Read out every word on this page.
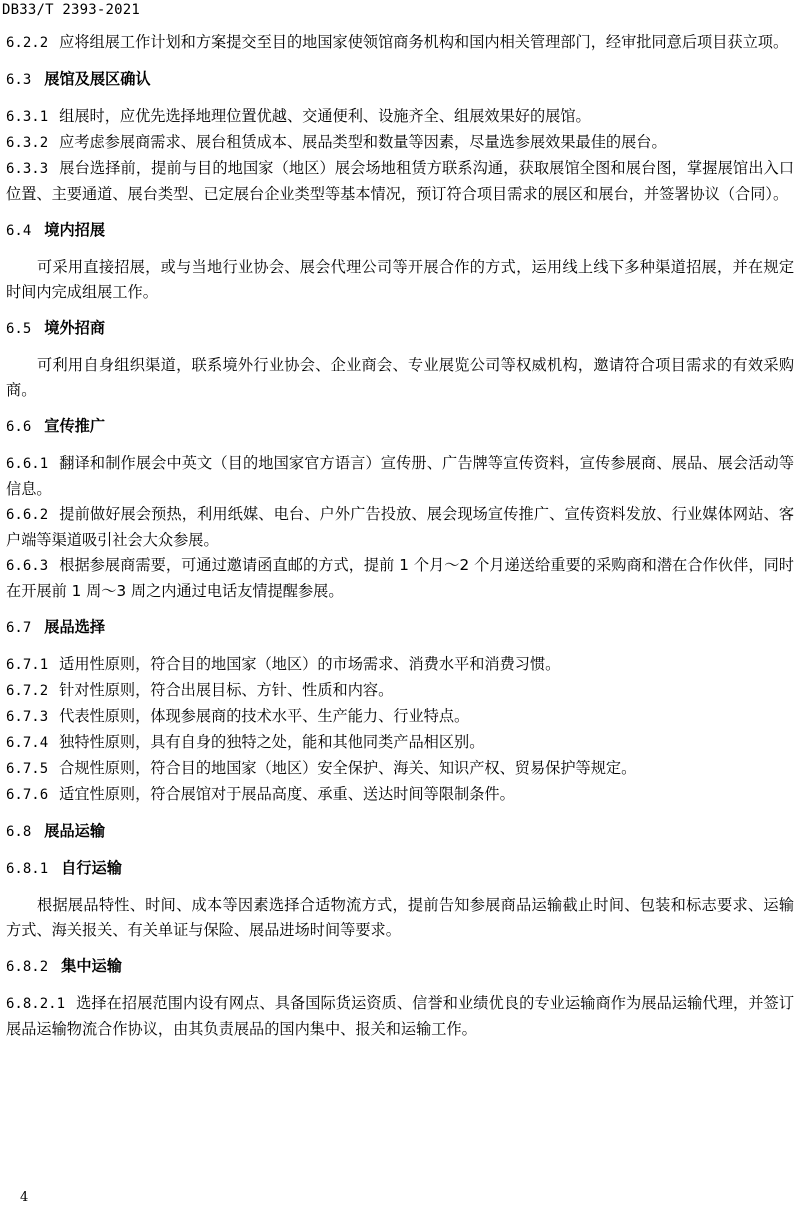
DB33/T 2393-2021

6.2.2 应将组展工作计划和方案提交至目的地国家使领馆商务机构和国内相关管理部门，经审批同意后项目获立项。

6.3 展馆及展区确认

6.3.1 组展时，应优先选择地理位置优越、交通便利、设施齐全、组展效果好的展馆。

6.3.2 应考虑参展商需求、展台租赁成本、展品类型和数量等因素，尽量选参展效果最佳的展台。

6.3.3 展台选择前，提前与目的地国家（地区）展会场地租赁方联系沟通，获取展馆全图和展台图，掌握展馆出入口位置、主要通道、展台类型、已定展台企业类型等基本情况，预订符合项目需求的展区和展台，并签署协议（合同）。

6.4 境内招展

可采用直接招展，或与当地行业协会、展会代理公司等开展合作的方式，运用线上线下多种渠道招展，并在规定时间内完成组展工作。

6.5 境外招商

可利用自身组织渠道，联系境外行业协会、企业商会、专业展览公司等权威机构，邀请符合项目需求的有效采购商。

6.6 宣传推广

6.6.1 翻译和制作展会中英文（目的地国家官方语言）宣传册、广告牌等宣传资料，宣传参展商、展品、展会活动等信息。

6.6.2 提前做好展会预热，利用纸媒、电台、户外广告投放、展会现场宣传推广、宣传资料发放、行业媒体网站、客户端等渠道吸引社会大众参展。

6.6.3 根据参展商需要，可通过邀请函直邮的方式，提前 1 个月～2 个月递送给重要的采购商和潜在合作伙伴，同时在开展前 1 周～3 周之内通过电话友情提醒参展。

6.7 展品选择

6.7.1 适用性原则，符合目的地国家（地区）的市场需求、消费水平和消费习惯。

6.7.2 针对性原则，符合出展目标、方针、性质和内容。

6.7.3 代表性原则，体现参展商的技术水平、生产能力、行业特点。

6.7.4 独特性原则，具有自身的独特之处，能和其他同类产品相区别。

6.7.5 合规性原则，符合目的地国家（地区）安全保护、海关、知识产权、贸易保护等规定。

6.7.6 适宜性原则，符合展馆对于展品高度、承重、送达时间等限制条件。

6.8 展品运输

6.8.1 自行运输

根据展品特性、时间、成本等因素选择合适物流方式，提前告知参展商品运输截止时间、包装和标志要求、运输方式、海关报关、有关单证与保险、展品进场时间等要求。

6.8.2 集中运输

6.8.2.1 选择在招展范围内设有网点、具备国际货运资质、信誉和业绩优良的专业运输商作为展品运输代理，并签订展品运输物流合作协议，由其负责展品的国内集中、报关和运输工作。

4
